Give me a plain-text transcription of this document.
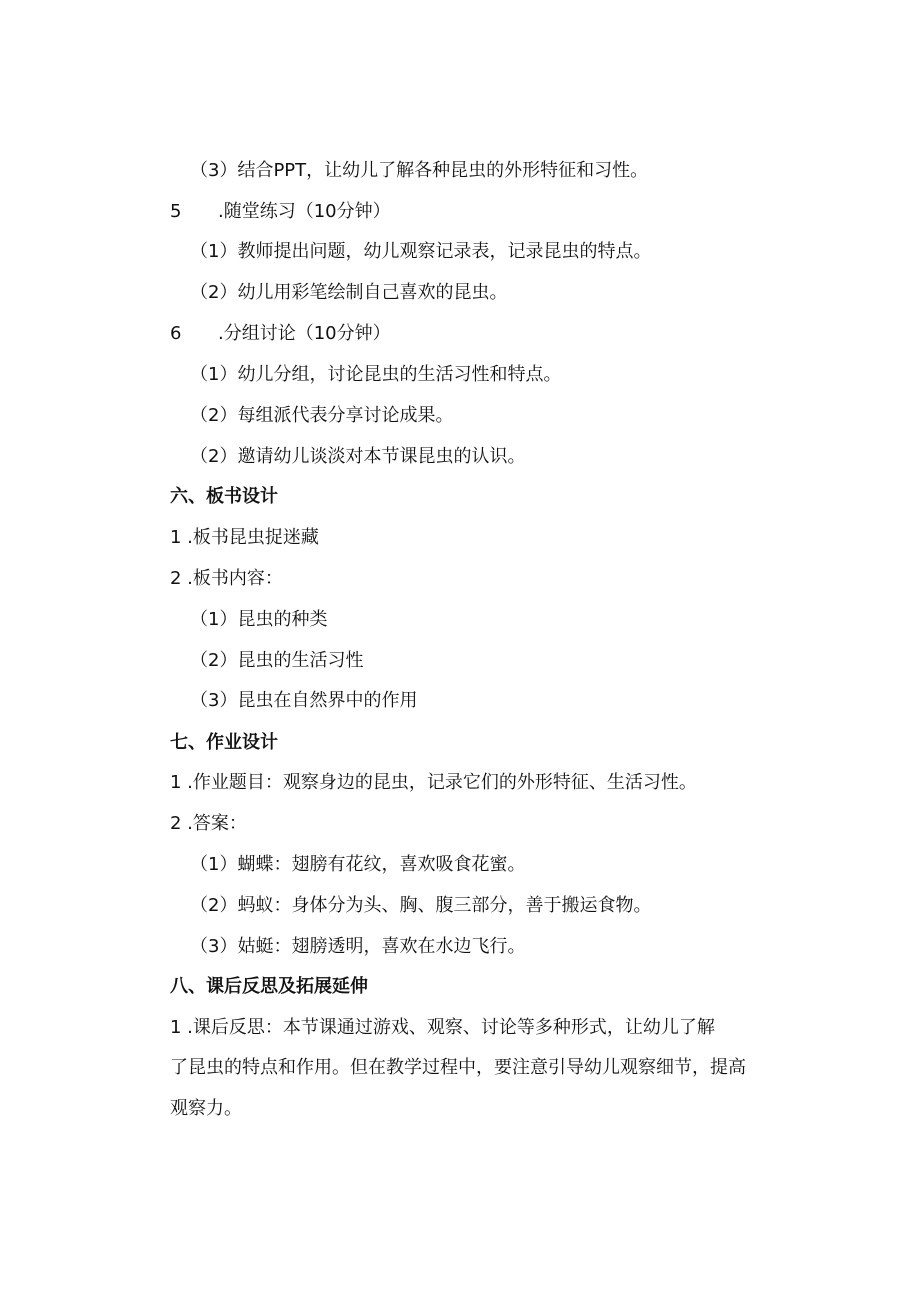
（3）结合PPT，让幼儿了解各种昆虫的外形特征和习性。
5 .随堂练习（10分钟）
（1）教师提出问题，幼儿观察记录表，记录昆虫的特点。
（2）幼儿用彩笔绘制自己喜欢的昆虫。
6 .分组讨论（10分钟）
（1）幼儿分组，讨论昆虫的生活习性和特点。
（2）每组派代表分享讨论成果。
（2）邀请幼儿谈淡对本节课昆虫的认识。
六、板书设计
1 .板书昆虫捉迷藏
2 .板书内容：
（1）昆虫的种类
（2）昆虫的生活习性
（3）昆虫在自然界中的作用
七、作业设计
1 .作业题目：观察身边的昆虫，记录它们的外形特征、生活习性。
2 .答案：
（1）蝴蝶：翅膀有花纹，喜欢吸食花蜜。
（2）蚂蚁：身体分为头、胸、腹三部分，善于搬运食物。
（3）姑蜓：翅膀透明，喜欢在水边飞行。
八、课后反思及拓展延伸
1 .课后反思：本节课通过游戏、观察、讨论等多种形式，让幼儿了解
了昆虫的特点和作用。但在教学过程中，要注意引导幼儿观察细节，提高
观察力。
